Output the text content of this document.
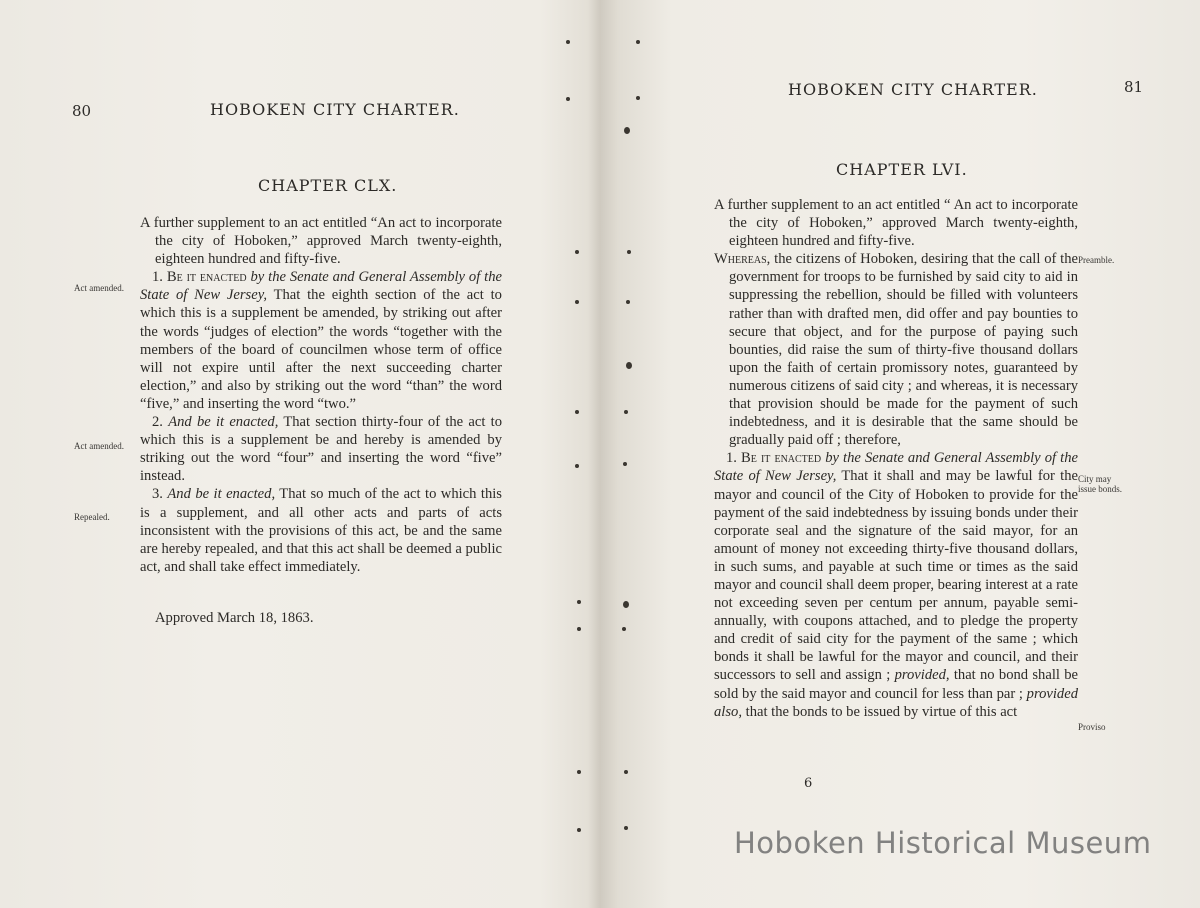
80	HOBOKEN CITY CHARTER.
CHAPTER CLX.

A further supplement to an act entitled “An act to incorporate the city of Hoboken,” approved March twenty-eighth, eighteen hundred and fifty-five.

1. Be it enacted by the Senate and General Assembly of the State of New Jersey, That the eighth section of the act to which this is a supplement be amended, by striking out after the words “judges of election” the words “together with the members of the board of councilmen whose term of office will not expire until after the next succeeding charter election,” and also by striking out the word “than” the word “five,” and inserting the word “two.”

2. And be it enacted, That section thirty-four of the act to which this is a supplement be and hereby is amended by striking out the word “four” and inserting the word “five” instead.

3. And be it enacted, That so much of the act to which this is a supplement, and all other acts and parts of acts inconsistent with the provisions of this act, be and the same are hereby repealed, and that this act shall be deemed a public act, and shall take effect immediately.

Approved March 18, 1863.
Act amended.
Act amended.
Repealed.
HOBOKEN CITY CHARTER.	81
CHAPTER LVI.

A further supplement to an act entitled “ An act to incorporate the city of Hoboken,” approved March twenty-eighth, eighteen hundred and fifty-five.

Whereas, the citizens of Hoboken, desiring that the call of the government for troops to be furnished by said city to aid in suppressing the rebellion, should be filled with volunteers rather than with drafted men, did offer and pay bounties to secure that object, and for the purpose of paying such bounties, did raise the sum of thirty-five thousand dollars upon the faith of certain promissory notes, guaranteed by numerous citizens of said city ; and whereas, it is necessary that provision should be made for the payment of such indebtedness, and it is desirable that the same should be gradually paid off ; therefore,

1. Be it enacted by the Senate and General Assembly of the State of New Jersey, That it shall and may be lawful for the mayor and council of the City of Hoboken to provide for the payment of the said indebtedness by issuing bonds under their corporate seal and the signature of the said mayor, for an amount of money not exceeding thirty-five thousand dollars, in such sums, and payable at such time or times as the said mayor and council shall deem proper, bearing interest at a rate not exceeding seven per centum per annum, payable semi-annually, with coupons attached, and to pledge the property and credit of said city for the payment of the same ; which bonds it shall be lawful for the mayor and council, and their successors to sell and assign ; provided, that no bond shall be sold by the said mayor and council for less than par ; provided also, that the bonds to be issued by virtue of this act

Preamble.
City may issue bonds.
Proviso
6
Hoboken Historical Museum
